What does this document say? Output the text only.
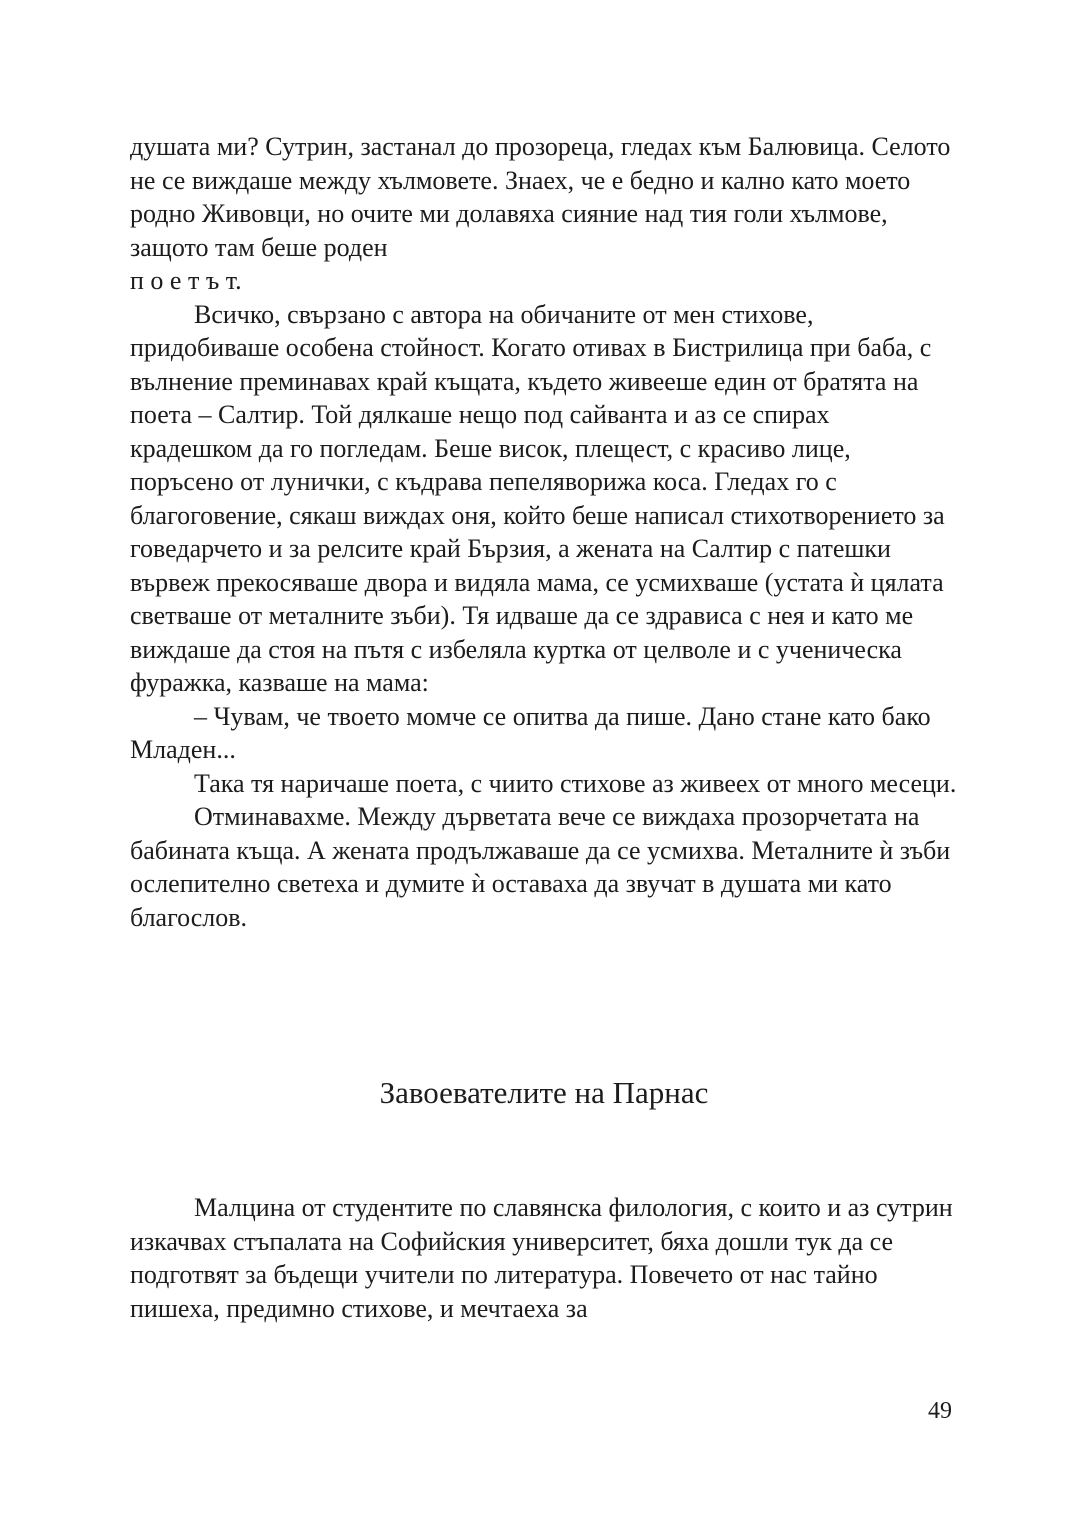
душата ми? Сутрин, застанал до прозореца, гледах към Балювица. Селото не се виждаше между хълмовете. Знаех, че е бедно и кално като моето родно Живовци, но очите ми долавяха сияние над тия голи хълмове, защото там беше роден

п о е т ъ т.

Всичко, свързано с автора на обичаните от мен стихове, придобиваше особена стойност. Когато отивах в Бистрилица при баба, с вълнение преминавах край къщата, където живееше един от братята на поета – Салтир. Той дялкаше нещо под сайванта и аз се спирах крадешком да го погледам. Беше висок, плещест, с красиво лице, поръсено от лунички, с къдрава пепеляворижа коса. Гледах го с благоговение, сякаш виждах оня, който беше написал стихотворението за говедарчето и за релсите край Бързия, а жената на Салтир с патешки вървеж прекосяваше двора и видяла мама, се усмихваше (устата ѝ цялата светваше от металните зъби). Тя идваше да се здрависа с нея и като ме виждаше да стоя на пътя с избеляла куртка от целволе и с ученическа фуражка, казваше на мама:

– Чувам, че твоето момче се опитва да пише. Дано стане като бако Младен...

Така тя наричаше поета, с чиито стихове аз живеех от много месеци.

Отминавахме. Между дърветата вече се виждаха прозорчетата на бабината къща. А жената продължаваше да се усмихва. Металните ѝ зъби ослепително светеха и думите ѝ оставаха да звучат в душата ми като благослов.

Завоевателите на Парнас

Малцина от студентите по славянска филология, с които и аз сутрин изкачвах стъпалата на Софийския университет, бяха дошли тук да се подготвят за бъдещи учители по литература. Повечето от нас тайно пишеха, предимно стихове, и мечтаеха за

49
